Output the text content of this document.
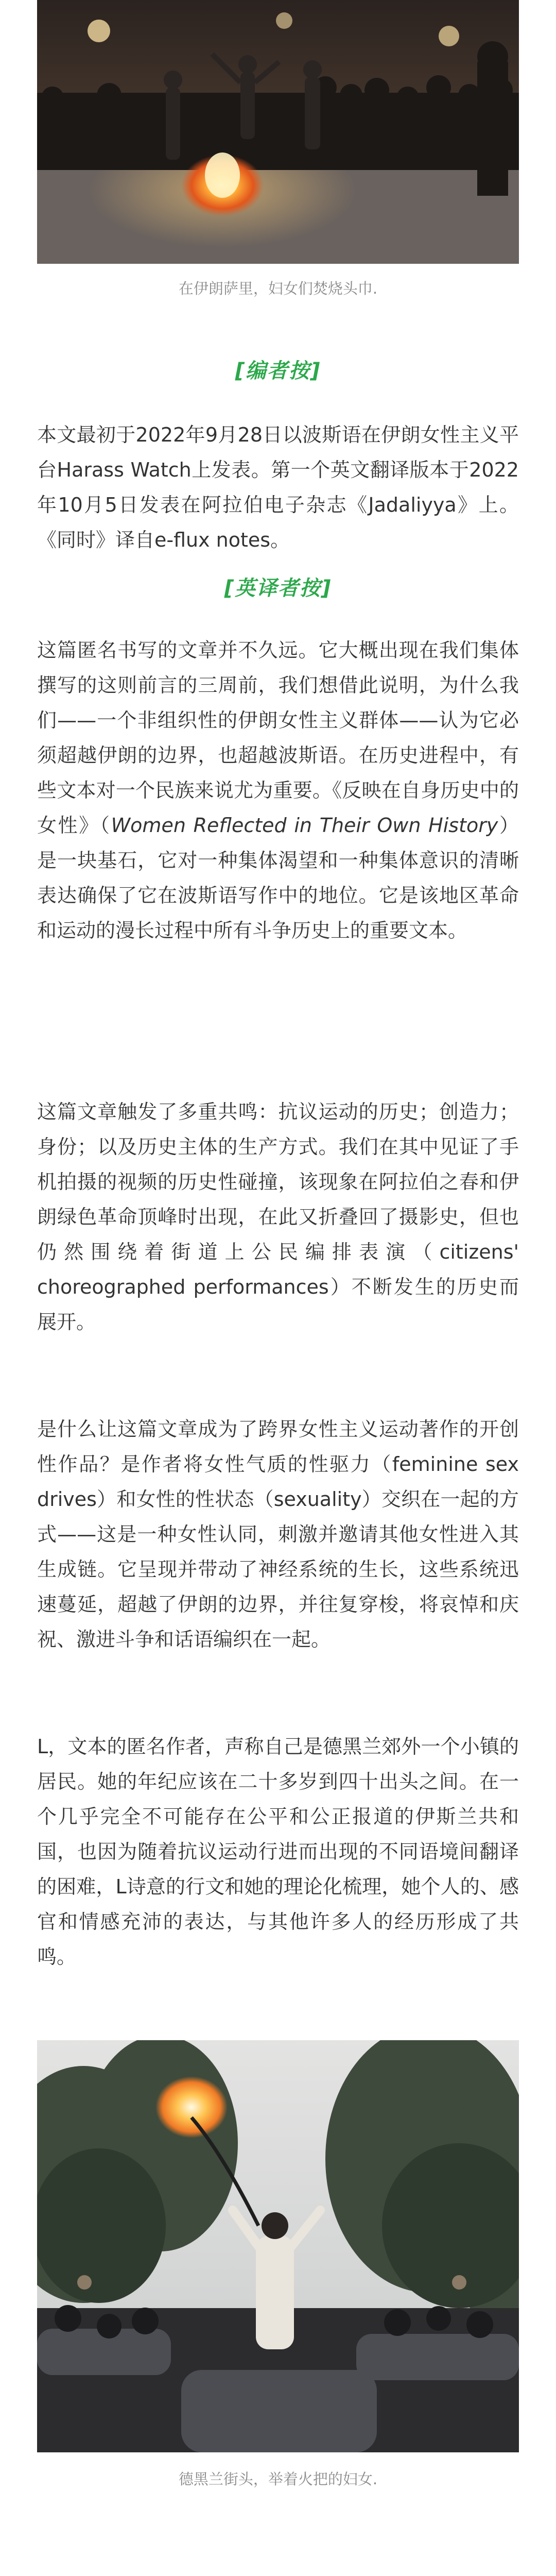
在伊朗萨里，妇女们焚烧头巾.
[编者按]

本文最初于2022年9月28日以波斯语在伊朗女性主义平台Harass Watch上发表。第一个英文翻译版本于2022年10月5日发表在阿拉伯电子杂志《Jadaliyya》上。《同时》译自e-flux notes。

[英译者按]

这篇匿名书写的文章并不久远。它大概出现在我们集体撰写的这则前言的三周前，我们想借此说明，为什么我们——一个非组织性的伊朗女性主义群体——认为它必须超越伊朗的边界，也超越波斯语。在历史进程中，有些文本对一个民族来说尤为重要。《反映在自身历史中的女性》（Women Reflected in Their Own History）是一块基石，它对一种集体渴望和一种集体意识的清晰表达确保了它在波斯语写作中的地位。它是该地区革命和运动的漫长过程中所有斗争历史上的重要文本。

这篇文章触发了多重共鸣：抗议运动的历史；创造力；身份；以及历史主体的生产方式。我们在其中见证了手机拍摄的视频的历史性碰撞，该现象在阿拉伯之春和伊朗绿色革命顶峰时出现，在此又折叠回了摄影史，但也仍然围绕着街道上公民编排表演（citizens' choreographed performances）不断发生的历史而展开。

是什么让这篇文章成为了跨界女性主义运动著作的开创性作品？是作者将女性气质的性驱力（feminine sex drives）和女性的性状态（sexuality）交织在一起的方式——这是一种女性认同，刺激并邀请其他女性进入其生成链。它呈现并带动了神经系统的生长，这些系统迅速蔓延，超越了伊朗的边界，并往复穿梭，将哀悼和庆祝、激进斗争和话语编织在一起。

L，文本的匿名作者，声称自己是德黑兰郊外一个小镇的居民。她的年纪应该在二十多岁到四十出头之间。在一个几乎完全不可能存在公平和公正报道的伊斯兰共和国，也因为随着抗议运动行进而出现的不同语境间翻译的困难，L诗意的行文和她的理论化梳理，她个人的、感官和情感充沛的表达，与其他许多人的经历形成了共鸣。

德黑兰街头，举着火把的妇女.
